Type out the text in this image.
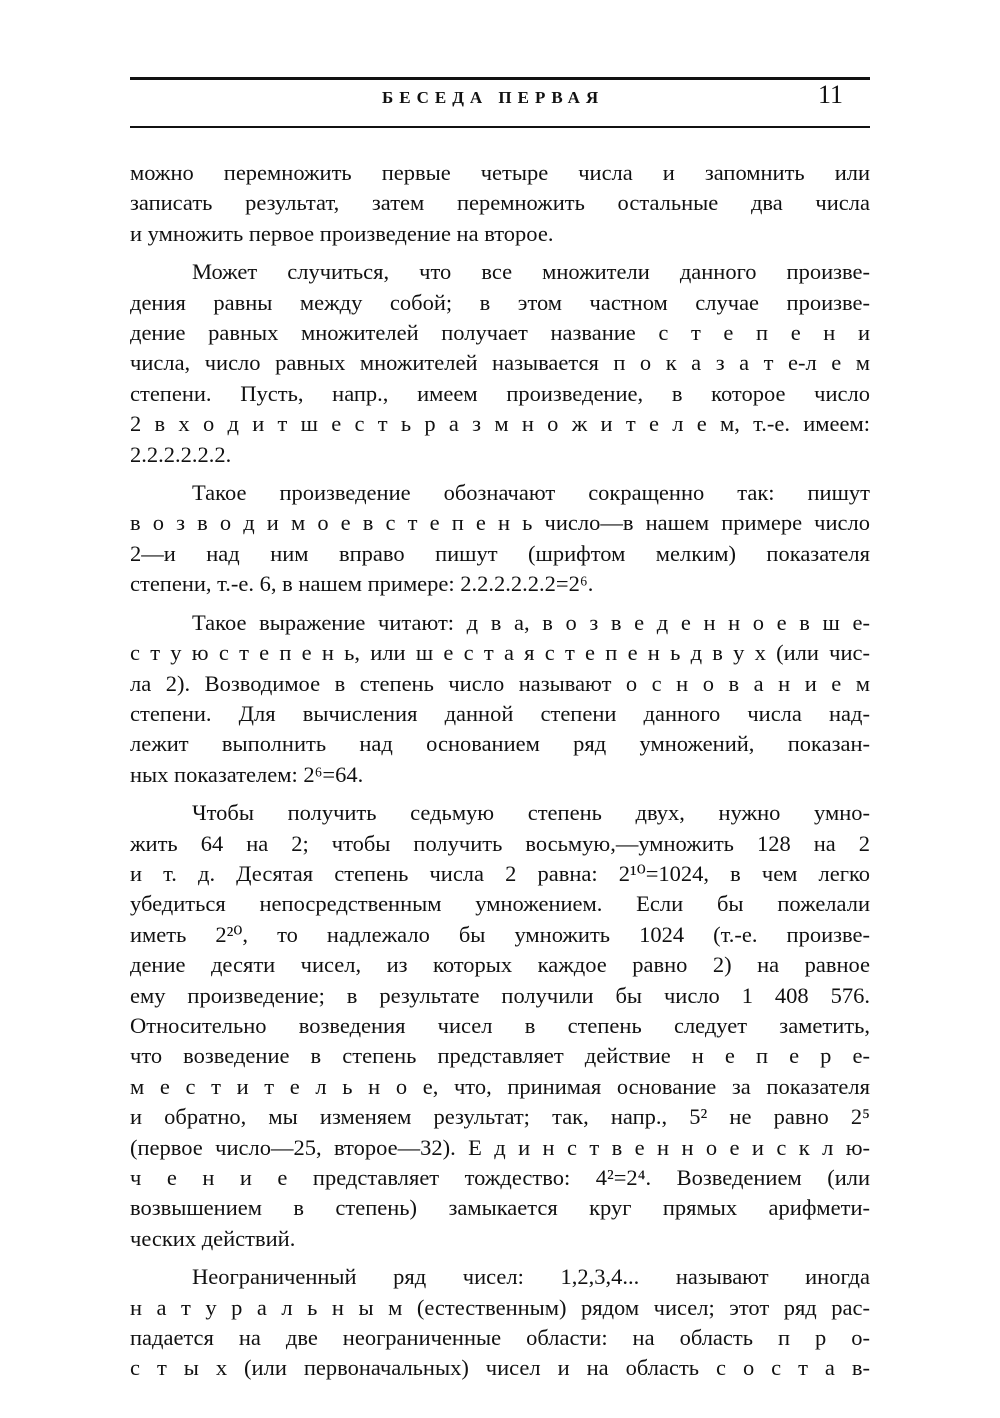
БЕСЕДА ПЕРВАЯ	11
можно перемножить первые четыре числа и запомнить или
записать результат, затем перемножить остальные два числа
и умножить первое произведение на второе.
Может случиться, что все множители данного произве-
дения равны между собой; в этом частном случае произве-
дение равных множителей получает название с т е п е н и
числа, число равных множителей называется п о к а з а т е-л е м
степени. Пусть, напр., имеем произведение, в которое число
2 в х о д и т ш е с т ь р а з м н о ж и т е л е м, т.-е. имеем:
2.2.2.2.2.2.
Такое произведение обозначают сокращенно так: пишут
в о з в о д и м о е в с т е п е н ь число—в нашем примере число
2—и над ним вправо пишут (шрифтом мелким) показателя
степени, т.-е. 6, в нашем примере: 2.2.2.2.2.2=2⁶.
Такое выражение читают: д в а, в о з в е д е н н о е в ш е-
с т у ю с т е п е н ь, или ш е с т а я с т е п е н ь д в у х (или чис-
ла 2). Возводимое в степень число называют о с н о в а н и е м
степени. Для вычисления данной степени данного числа над-
лежит выполнить над основанием ряд умножений, показан-
ных показателем: 2⁶=64.
Чтобы получить седьмую степень двух, нужно умно-
жить 64 на 2; чтобы получить восьмую,—умножить 128 на 2
и т. д. Десятая степень числа 2 равна: 2¹⁰=1024, в чем легко
убедиться непосредственным умножением. Если бы пожелали
иметь 2²⁰, то надлежало бы умножить 1024 (т.-е. произве-
дение десяти чисел, из которых каждое равно 2) на равное
ему произведение; в результате получили бы число 1 408 576.
Относительно возведения чисел в степень следует заметить,
что возведение в степень представляет действие н е п е р е-
м е с т и т е л ь н о е, что, принимая основание за показателя
и обратно, мы изменяем результат; так, напр., 5² не равно 2⁵
(первое число—25, второе—32). Е д и н с т в е н н о е и с к л ю-
ч е н и е представляет тождество: 4²=2⁴. Возведением (или
возвышением в степень) замыкается круг прямых арифмети-
ческих действий.
Неограниченный ряд чисел: 1,2,3,4... называют иногда
н а т у р а л ь н ы м (естественным) рядом чисел; этот ряд рас-
падается на две неограниченные области: на область п р о-
с т ы х (или первоначальных) чисел и на область с о с т а в-
